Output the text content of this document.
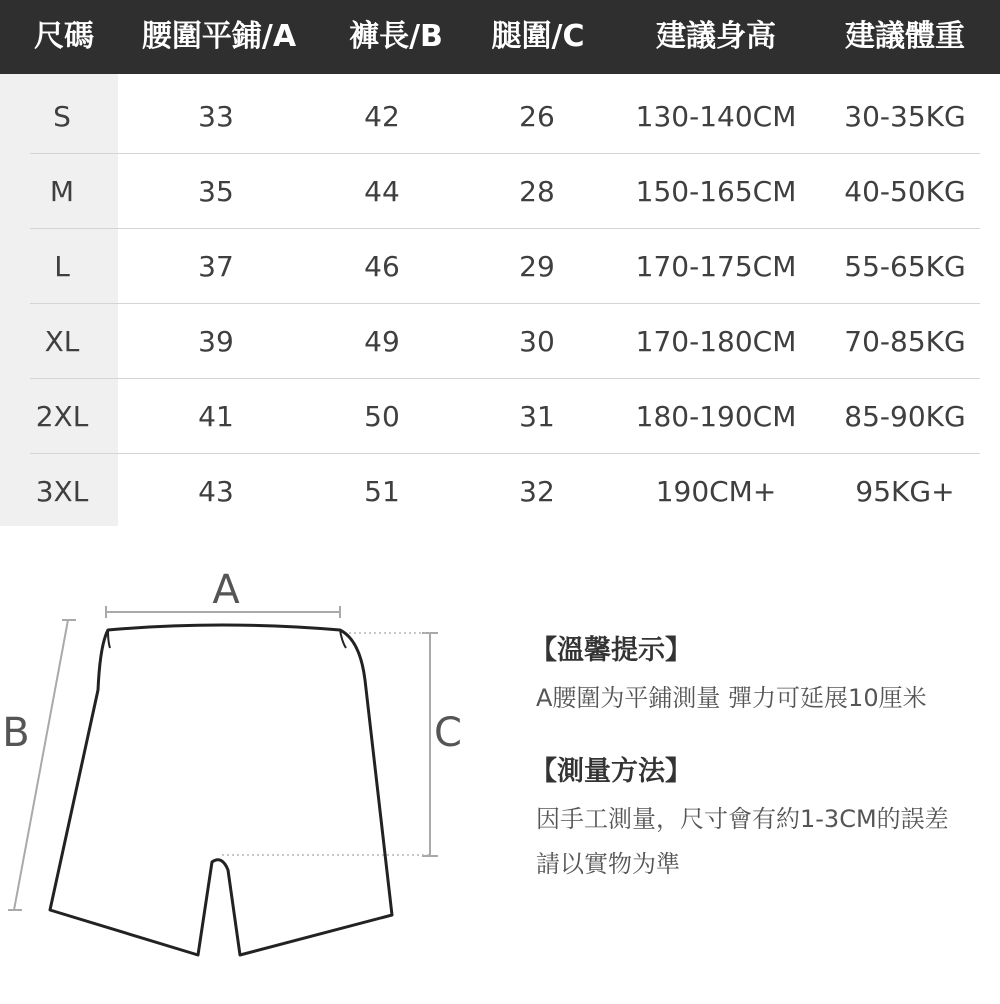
尺碼 腰圍平鋪/A 褲長/B 腿圍/C 建議身高 建議體重
S	33	42	26	130-140CM 30-35KG
M	35	44	28	150-165CM 40-50KG
L	37	46	29	170-175CM 55-65KG
XL	39	49	30	170-180CM 70-85KG
2XL	41	50	31	180-190CM 85-90KG
3XL	43	51	32	190CM+	95KG+
A
B	C
【溫馨提示】
A腰圍为平鋪測量 彈力可延展10厘米
【測量方法】
因手工測量，尺寸會有約1-3CM的誤差
請以實物为準
